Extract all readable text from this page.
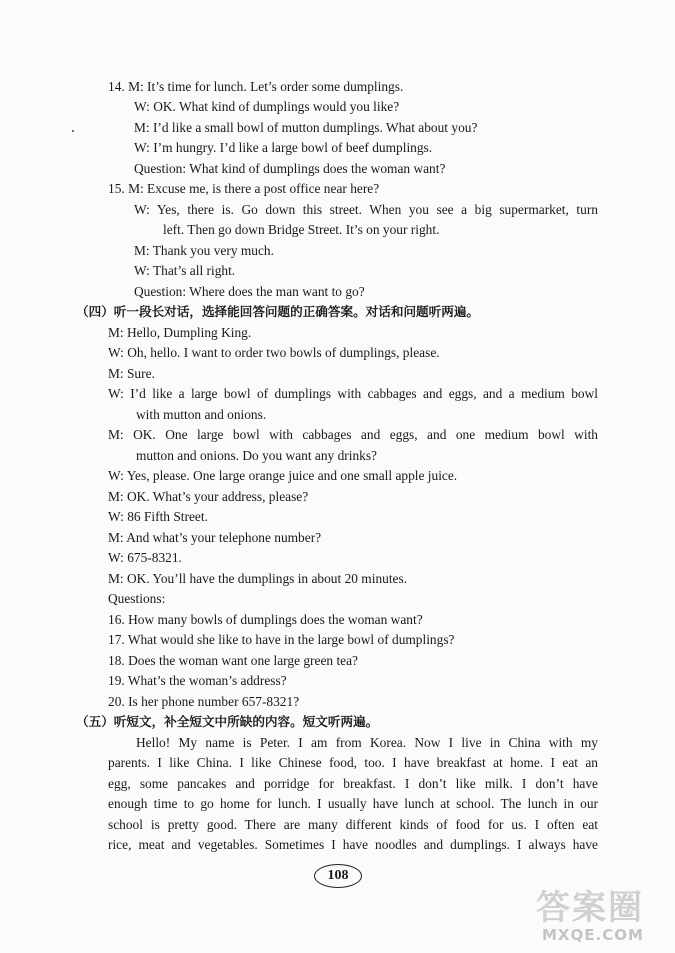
14. M: It’s time for lunch. Let’s order some dumplings.
W: OK. What kind of dumplings would you like?
M: I’d like a small bowl of mutton dumplings. What about you?
W: I’m hungry. I’d like a large bowl of beef dumplings.
Question: What kind of dumplings does the woman want?
15. M: Excuse me, is there a post office near here?
W: Yes, there is. Go down this street. When you see a big supermarket, turn
left. Then go down Bridge Street. It’s on your right.
M: Thank you very much.
W: That’s all right.
Question: Where does the man want to go?
（四）听一段长对话，选择能回答问题的正确答案。对话和问题听两遍。
M: Hello, Dumpling King.
W: Oh, hello. I want to order two bowls of dumplings, please.
M: Sure.
W: I’d like a large bowl of dumplings with cabbages and eggs, and a medium bowl
with mutton and onions.
M: OK. One large bowl with cabbages and eggs, and one medium bowl with
mutton and onions. Do you want any drinks?
W: Yes, please. One large orange juice and one small apple juice.
M: OK. What’s your address, please?
W: 86 Fifth Street.
M: And what’s your telephone number?
W: 675-8321.
M: OK. You’ll have the dumplings in about 20 minutes.
Questions:
16. How many bowls of dumplings does the woman want?
17. What would she like to have in the large bowl of dumplings?
18. Does the woman want one large green tea?
19. What’s the woman’s address?
20. Is her phone number 657-8321?
（五）听短文，补全短文中所缺的内容。短文听两遍。
Hello! My name is Peter. I am from Korea. Now I live in China with my
parents. I like China. I like Chinese food, too. I have breakfast at home. I eat an
egg, some pancakes and porridge for breakfast. I don’t like milk. I don’t have
enough time to go home for lunch. I usually have lunch at school. The lunch in our
school is pretty good. There are many different kinds of food for us. I often eat
rice, meat and vegetables. Sometimes I have noodles and dumplings. I always have
108
答案圈
MXQE.COM
